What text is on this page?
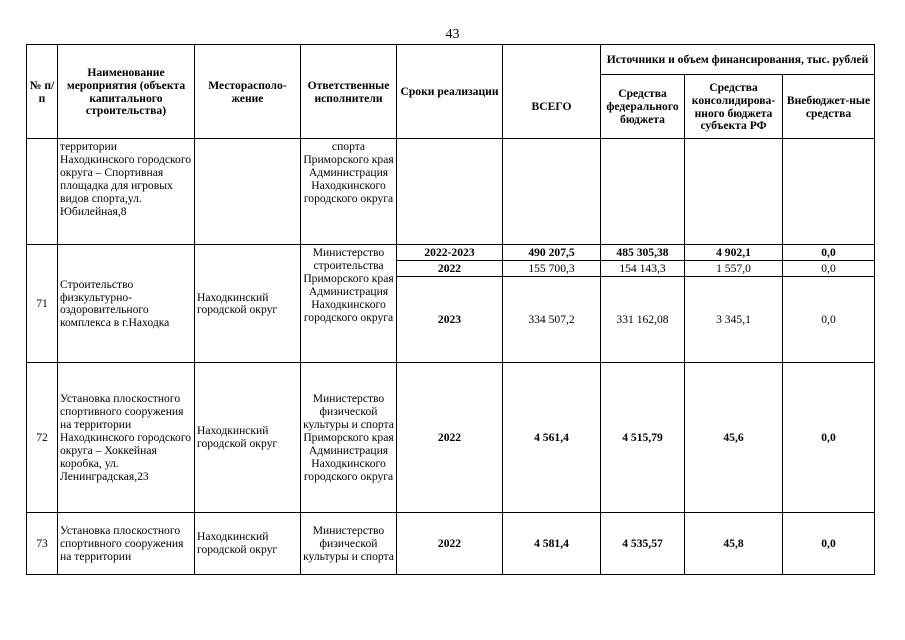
43
№ п/п	Наименование мероприятия (объекта капитального строительства)	Месторасполо-жение	Ответственные исполнители	Сроки реализации		Источники и объем финансирования, тыс. рублей		
					ВСЕГО	Средства федерального бюджета	Средства консолидирова-нного бюджета субъекта РФ	Внебюджет-ные средства
	территории Находкинского городского округа – Спортивная площадка для игровых видов спорта,ул. Юбилейная,8		спорта Приморского края Администрация Находкинского городского округа					
71	Строительство физкультурно-оздоровительного комплекса в г.Находка	Находкинский городской округ	Министерство строительства Приморского края Администрация Находкинского городского округа	2022-2023	490 207,5	485 305,38	4 902,1	0,0
				2022	155 700,3	154 143,3	1 557,0	0,0
				2023	334 507,2	331 162,08	3 345,1	0,0
72	Установка плоскостного спортивного сооружения на территории Находкинского городского округа – Хоккейная коробка, ул. Ленинградская,23	Находкинский городской округ	Министерство физической культуры и спорта Приморского края Администрация Находкинского городского округа	2022	4 561,4	4 515,79	45,6	0,0
73	Установка плоскостного спортивного сооружения на территории	Находкинский городской округ	Министерство физической культуры и спорта	2022	4 581,4	4 535,57	45,8	0,0
